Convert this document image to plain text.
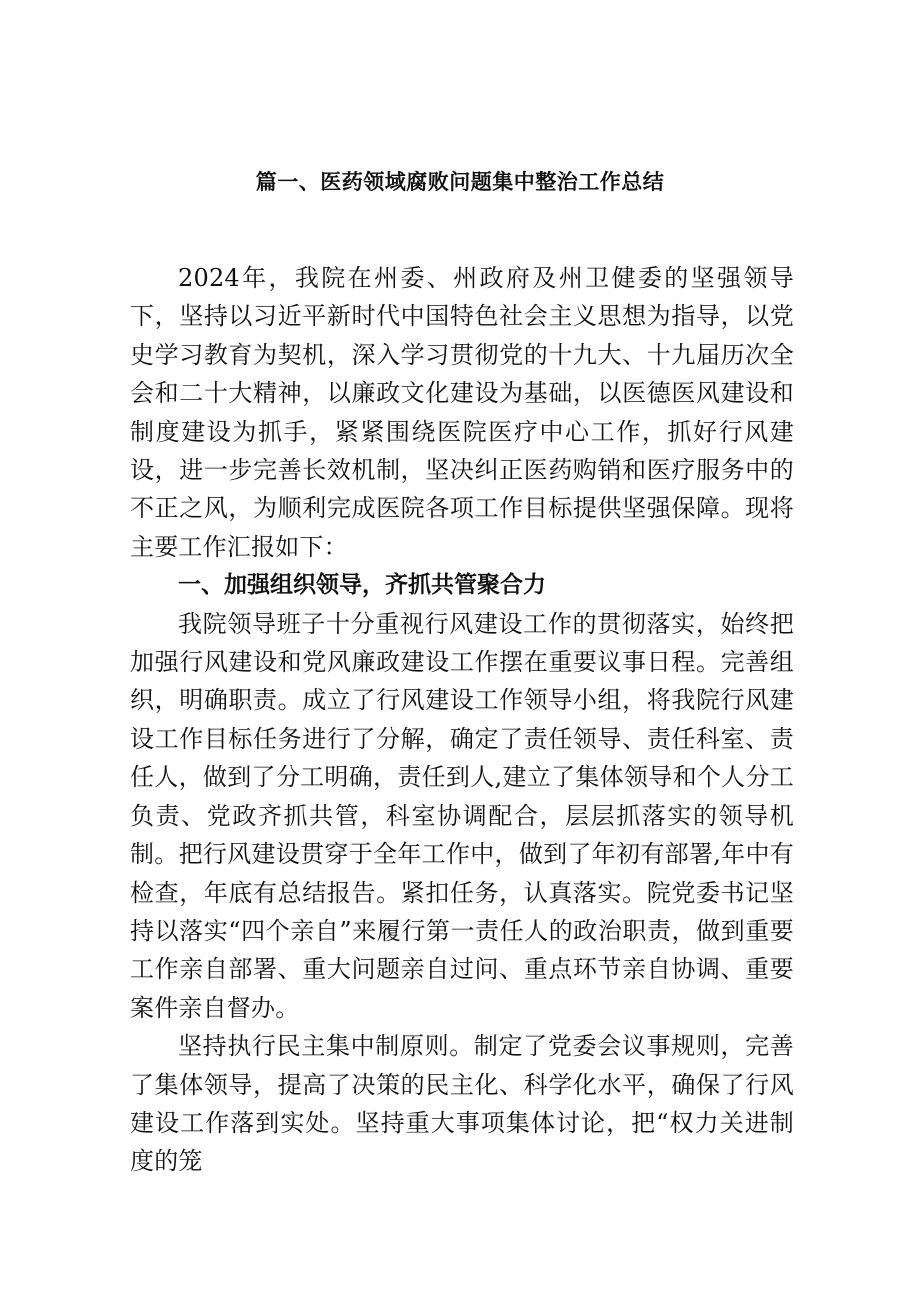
篇一、医药领域腐败问题集中整治工作总结

2024年，我院在州委、州政府及州卫健委的坚强领导下，坚持以习近平新时代中国特色社会主义思想为指导，以党史学习教育为契机，深入学习贯彻党的十九大、十九届历次全会和二十大精神，以廉政文化建设为基础，以医德医风建设和制度建设为抓手，紧紧围绕医院医疗中心工作，抓好行风建设，进一步完善长效机制，坚决纠正医药购销和医疗服务中的不正之风，为顺利完成医院各项工作目标提供坚强保障。现将主要工作汇报如下：

一、加强组织领导，齐抓共管聚合力

我院领导班子十分重视行风建设工作的贯彻落实，始终把加强行风建设和党风廉政建设工作摆在重要议事日程。完善组织，明确职责。成立了行风建设工作领导小组，将我院行风建设工作目标任务进行了分解，确定了责任领导、责任科室、责任人，做到了分工明确，责任到人,建立了集体领导和个人分工负责、党政齐抓共管，科室协调配合，层层抓落实的领导机制。把行风建设贯穿于全年工作中，做到了年初有部署,年中有检查，年底有总结报告。紧扣任务，认真落实。院党委书记坚持以落实“四个亲自”来履行第一责任人的政治职责，做到重要工作亲自部署、重大问题亲自过问、重点环节亲自协调、重要案件亲自督办。

坚持执行民主集中制原则。制定了党委会议事规则，完善了集体领导，提高了决策的民主化、科学化水平，确保了行风建设工作落到实处。坚持重大事项集体讨论，把“权力关进制度的笼
